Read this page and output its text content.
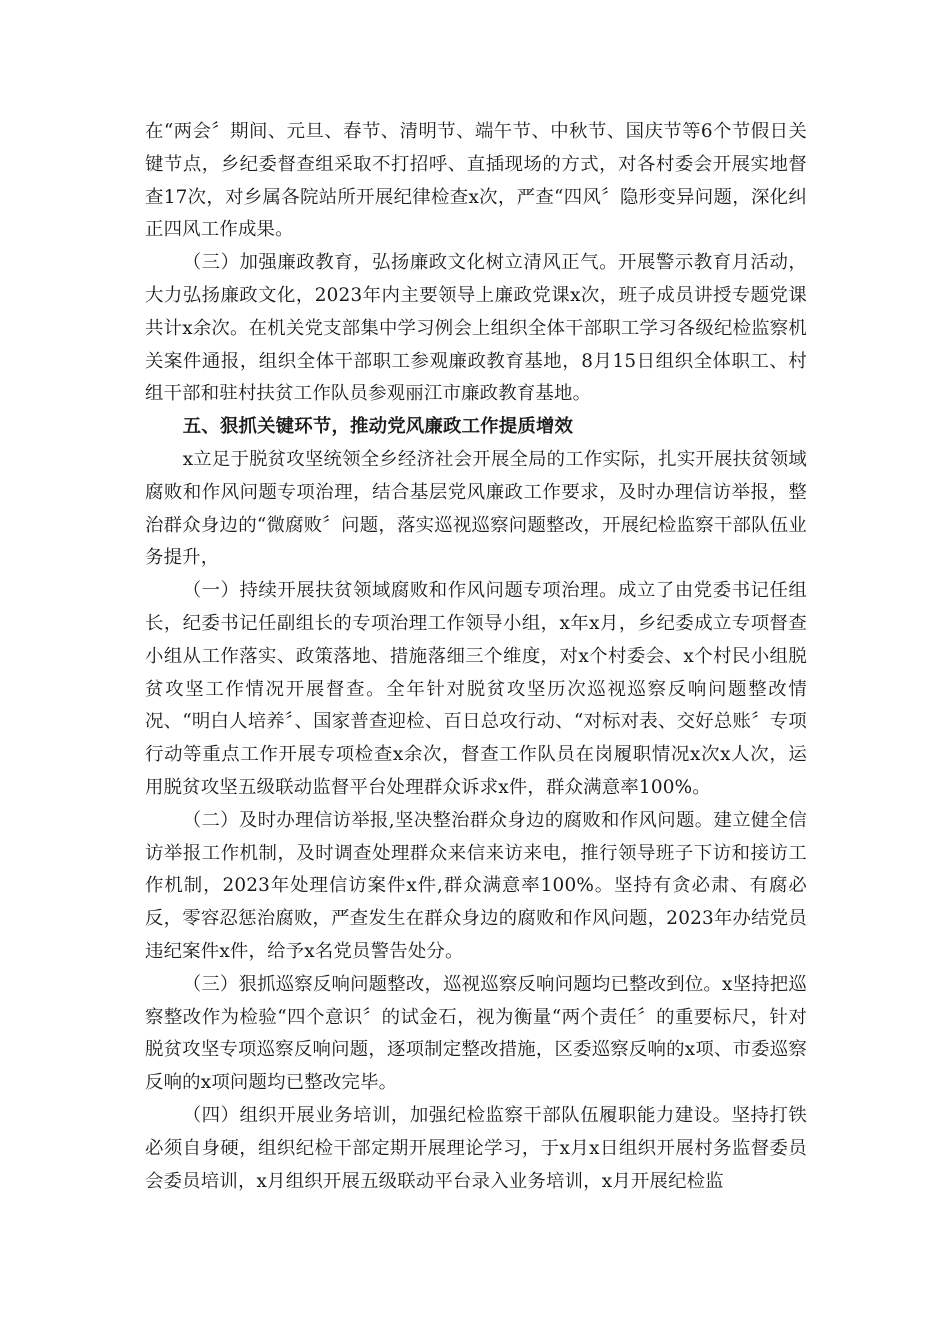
在“两会〞期间、元旦、春节、清明节、端午节、中秋节、国庆节等6个节假日关键节点，乡纪委督查组采取不打招呼、直插现场的方式，对各村委会开展实地督查17次，对乡属各院站所开展纪律检查x次，严查“四风〞隐形变异问题，深化纠正四风工作成果。

（三）加强廉政教育，弘扬廉政文化树立清风正气。开展警示教育月活动，大力弘扬廉政文化，2023年内主要领导上廉政党课x次，班子成员讲授专题党课共计x余次。在机关党支部集中学习例会上组织全体干部职工学习各级纪检监察机关案件通报，组织全体干部职工参观廉政教育基地，8月15日组织全体职工、村组干部和驻村扶贫工作队员参观丽江市廉政教育基地。

五、狠抓关键环节，推动党风廉政工作提质增效

x立足于脱贫攻坚统领全乡经济社会开展全局的工作实际，扎实开展扶贫领域腐败和作风问题专项治理，结合基层党风廉政工作要求，及时办理信访举报，整治群众身边的“微腐败〞问题，落实巡视巡察问题整改，开展纪检监察干部队伍业务提升，

（一）持续开展扶贫领域腐败和作风问题专项治理。成立了由党委书记任组长，纪委书记任副组长的专项治理工作领导小组，x年x月，乡纪委成立专项督查小组从工作落实、政策落地、措施落细三个维度，对x个村委会、x个村民小组脱贫攻坚工作情况开展督查。全年针对脱贫攻坚历次巡视巡察反响问题整改情况、“明白人培养〞、国家普查迎检、百日总攻行动、“对标对表、交好总账〞专项行动等重点工作开展专项检查x余次，督查工作队员在岗履职情况x次x人次，运用脱贫攻坚五级联动监督平台处理群众诉求x件，群众满意率100%。

（二）及时办理信访举报,坚决整治群众身边的腐败和作风问题。建立健全信访举报工作机制，及时调查处理群众来信来访来电，推行领导班子下访和接访工作机制，2023年处理信访案件x件,群众满意率100%。坚持有贪必肃、有腐必反，零容忍惩治腐败，严查发生在群众身边的腐败和作风问题，2023年办结党员违纪案件x件，给予x名党员警告处分。

（三）狠抓巡察反响问题整改，巡视巡察反响问题均已整改到位。x坚持把巡察整改作为检验“四个意识〞的试金石，视为衡量“两个责任〞的重要标尺，针对脱贫攻坚专项巡察反响问题，逐项制定整改措施，区委巡察反响的x项、市委巡察反响的x项问题均已整改完毕。

（四）组织开展业务培训，加强纪检监察干部队伍履职能力建设。坚持打铁必须自身硬，组织纪检干部定期开展理论学习，于x月x日组织开展村务监督委员会委员培训，x月组织开展五级联动平台录入业务培训，x月开展纪检监
